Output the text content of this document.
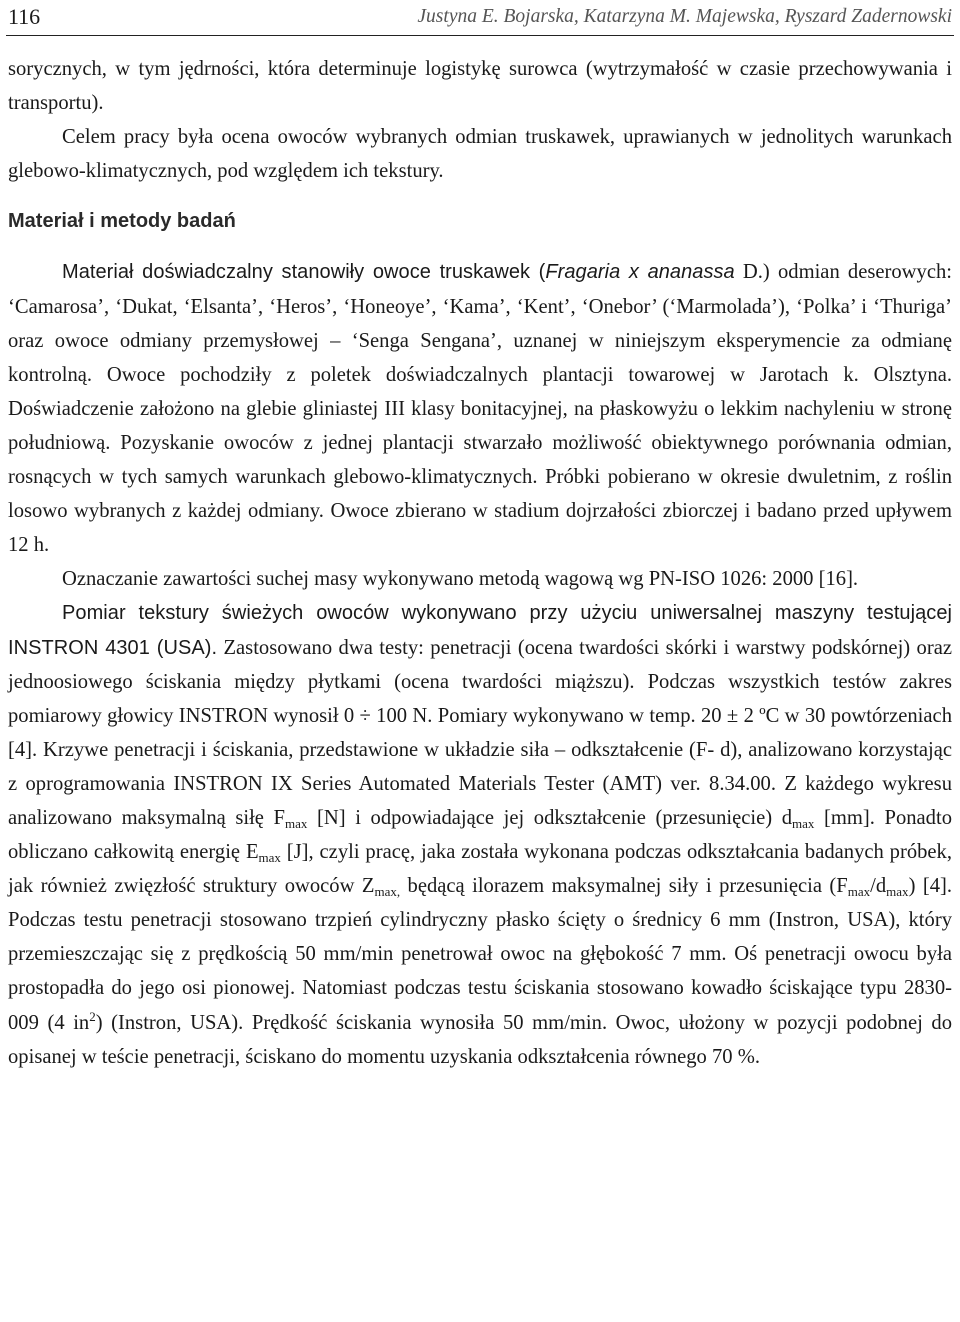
116	Justyna E. Bojarska, Katarzyna M. Majewska, Ryszard Zadernowski

sorycznych, w tym jędrności, która determinuje logistykę surowca (wytrzymałość w czasie przechowywania i transportu).

Celem pracy była ocena owoców wybranych odmian truskawek, uprawianych w jednolitych warunkach glebowo-klimatycznych, pod względem ich tekstury.

Materiał i metody badań

Materiał doświadczalny stanowiły owoce truskawek (Fragaria x ananassa D.) odmian deserowych: ‘Camarosa’, ‘Dukat, ‘Elsanta’, ‘Heros’, ‘Honeoye’, ‘Kama’, ‘Kent’, ‘Onebor’ (‘Marmolada’), ‘Polka’ i ‘Thuriga’ oraz owoce odmiany przemysłowej – ‘Senga Sengana’, uznanej w niniejszym eksperymencie za odmianę kontrolną. Owoce pochodziły z poletek doświadczalnych plantacji towarowej w Jarotach k. Olsztyna. Doświadczenie założono na glebie gliniastej III klasy bonitacyjnej, na płaskowyżu o lekkim nachyleniu w stronę południową. Pozyskanie owoców z jednej plantacji stwarzało możliwość obiektywnego porównania odmian, rosnących w tych samych warunkach glebowo-klimatycznych. Próbki pobierano w okresie dwuletnim, z roślin losowo wybranych z każdej odmiany. Owoce zbierano w stadium dojrzałości zbiorczej i badano przed upływem 12 h.

Oznaczanie zawartości suchej masy wykonywano metodą wagową wg PN-ISO 1026: 2000 [16].

Pomiar tekstury świeżych owoców wykonywano przy użyciu uniwersalnej maszyny testującej INSTRON 4301 (USA). Zastosowano dwa testy: penetracji (ocena twardości skórki i warstwy podskórnej) oraz jednoosiowego ściskania między płytkami (ocena twardości miąższu). Podczas wszystkich testów zakres pomiarowy głowicy INSTRON wynosił 0 ÷ 100 N. Pomiary wykonywano w temp. 20 ± 2 ºC w 30 powtórzeniach [4]. Krzywe penetracji i ściskania, przedstawione w układzie siła – odkształcenie (F- d), analizowano korzystając z oprogramowania INSTRON IX Series Automated Materials Tester (AMT) ver. 8.34.00. Z każdego wykresu analizowano maksymalną siłę $F_{max}$ [N] i odpowiadające jej odkształcenie (przesunięcie) $d_{max}$ [mm]. Ponadto obliczano całkowitą energię $E_{max}$ [J], czyli pracę, jaka została wykonana podczas odkształcania badanych próbek, jak również zwięzłość struktury owoców $Z_{max,}$ będącą ilorazem maksymalnej siły i przesunięcia $(F_{max}/d_{max})$ [4]. Podczas testu penetracji stosowano trzpień cylindryczny płasko ścięty o średnicy 6 mm (Instron, USA), który przemieszczając się z prędkością 50 mm/min penetrował owoc na głębokość 7 mm. Oś penetracji owocu była prostopadła do jego osi pionowej. Natomiast podczas testu ściskania stosowano kowadło ściskające typu 2830-009 (4 $in^2$) (Instron, USA). Prędkość ściskania wynosiła 50 mm/min. Owoc, ułożony w pozycji podobnej do opisanej w teście penetracji, ściskano do momentu uzyskania odkształcenia równego 70 %.
